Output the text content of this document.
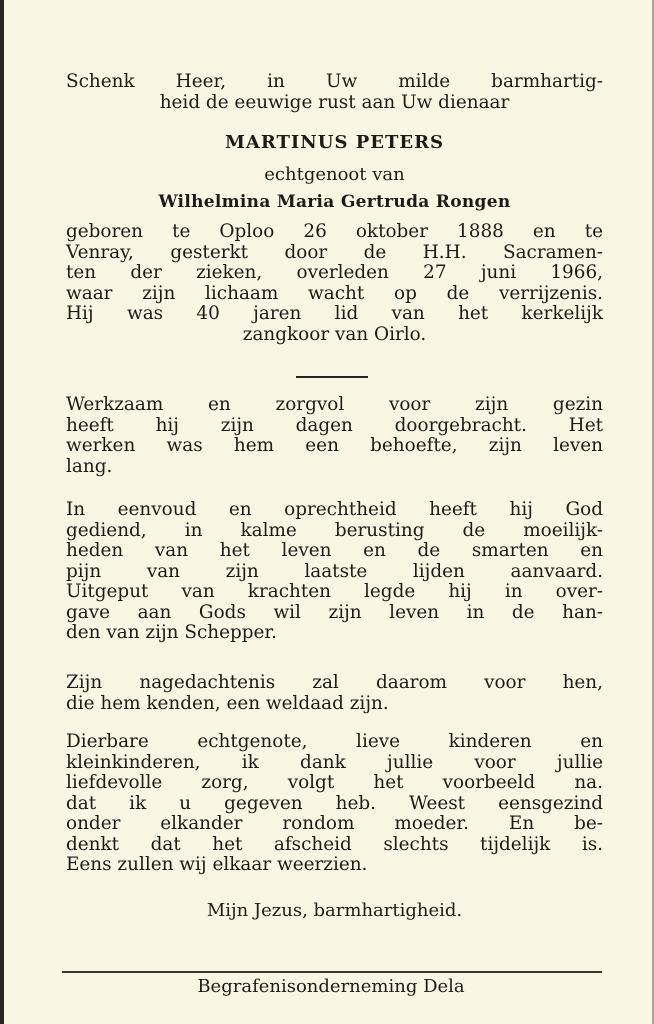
Schenk Heer, in Uw milde barmhartig-
heid de eeuwige rust aan Uw dienaar

MARTINUS PETERS
echtgenoot van
Wilhelmina Maria Gertruda Rongen

geboren te Oploo 26 oktober 1888 en te
Venray, gesterkt door de H.H. Sacramen-
ten der zieken, overleden 27 juni 1966,
waar zijn lichaam wacht op de verrijzenis.
Hij was 40 jaren lid van het kerkelijk
zangkoor van Oirlo.

Werkzaam en zorgvol voor zijn gezin
heeft hij zijn dagen doorgebracht. Het
werken was hem een behoefte, zijn leven
lang.

In eenvoud en oprechtheid heeft hij God
gediend, in kalme berusting de moeilijk-
heden van het leven en de smarten en
pijn van zijn laatste lijden aanvaard.
Uitgeput van krachten legde hij in over-
gave aan Gods wil zijn leven in de han-
den van zijn Schepper.

Zijn nagedachtenis zal daarom voor hen,
die hem kenden, een weldaad zijn.

Dierbare echtgenote, lieve kinderen en
kleinkinderen, ik dank jullie voor jullie
liefdevolle zorg, volgt het voorbeeld na.
dat ik u gegeven heb. Weest eensgezind
onder elkander rondom moeder. En be-
denkt dat het afscheid slechts tijdelijk is.
Eens zullen wij elkaar weerzien.

Mijn Jezus, barmhartigheid.
Begrafenisonderneming Dela
